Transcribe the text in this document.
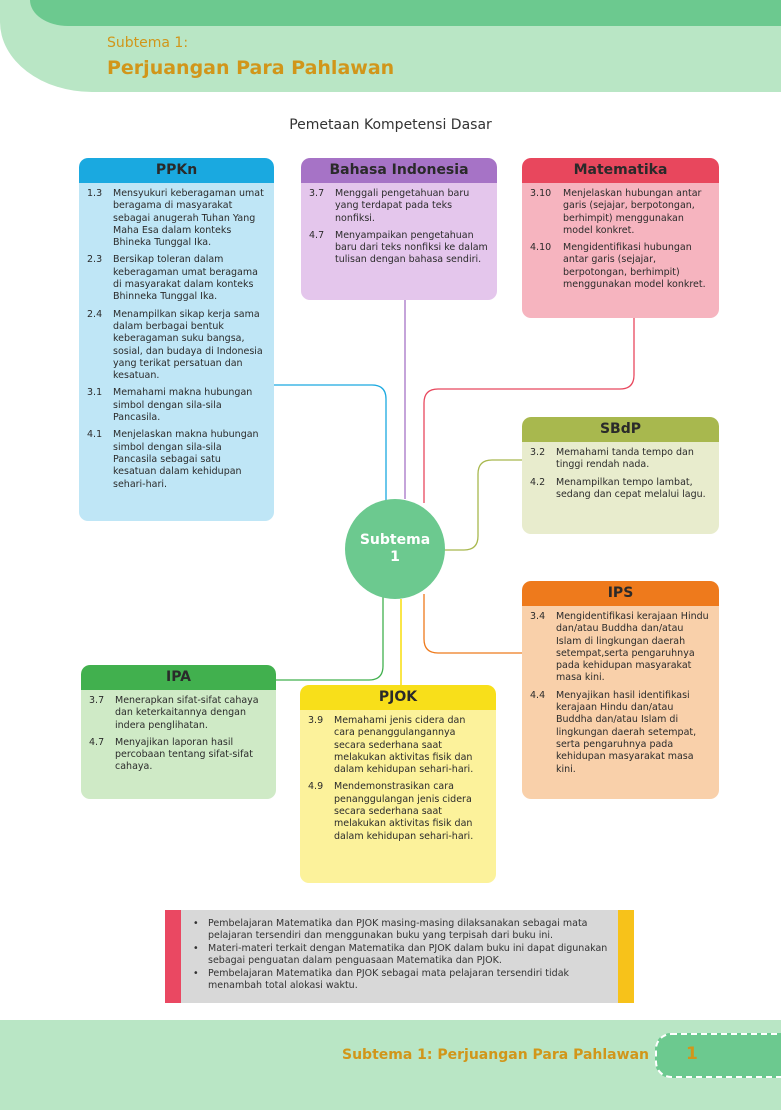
Subtema 1:
Perjuangan Para Pahlawan
Pemetaan Kompetensi Dasar
PPKn
1.3	Mensyukuri keberagaman umat beragama di masyarakat sebagai anugerah Tuhan Yang Maha Esa dalam konteks Bhineka Tunggal Ika.
2.3	Bersikap toleran dalam keberagaman umat beragama di masyarakat dalam konteks Bhinneka Tunggal Ika.
2.4	Menampilkan sikap kerja sama dalam berbagai bentuk keberagaman suku bangsa, sosial, dan budaya di Indonesia yang terikat persatuan dan kesatuan.
3.1	Memahami makna hubungan simbol dengan sila-sila Pancasila.
4.1	Menjelaskan makna hubungan simbol dengan sila-sila Pancasila sebagai satu kesatuan dalam kehidupan sehari-hari.
Bahasa Indonesia
3.7	Menggali pengetahuan baru yang terdapat pada teks nonfiksi.
4.7	Menyampaikan pengetahuan baru dari teks nonfiksi ke dalam tulisan dengan bahasa sendiri.
Matematika
3.10	Menjelaskan hubungan antar garis (sejajar, berpotongan, berhimpit) menggunakan model konkret.
4.10	Mengidentifikasi hubungan antar garis (sejajar, berpotongan, berhimpit) menggunakan model konkret.
SBdP
3.2	Memahami tanda tempo dan tinggi rendah nada.
4.2	Menampilkan tempo lambat, sedang dan cepat melalui lagu.
IPS
3.4	Mengidentifikasi kerajaan Hindu dan/atau Buddha dan/atau Islam di lingkungan daerah setempat,serta pengaruhnya pada kehidupan masyarakat masa kini.
4.4	Menyajikan hasil identifikasi kerajaan Hindu dan/atau Buddha dan/atau Islam di lingkungan daerah setempat, serta pengaruhnya pada kehidupan masyarakat masa kini.
IPA
3.7	Menerapkan sifat-sifat cahaya dan keterkaitannya dengan indera penglihatan.
4.7	Menyajikan laporan hasil percobaan tentang sifat-sifat cahaya.
PJOK
3.9	Memahami jenis cidera dan cara penanggulangannya secara sederhana saat melakukan aktivitas fisik dan dalam kehidupan sehari-hari.
4.9	Mendemonstrasikan cara penanggulangan jenis cidera secara sederhana saat melakukan aktivitas fisik dan dalam kehidupan sehari-hari.
Subtema
1
• Pembelajaran Matematika dan PJOK masing-masing dilaksanakan sebagai mata pelajaran tersendiri dan menggunakan buku yang terpisah dari buku ini.
• Materi-materi terkait dengan Matematika dan PJOK dalam buku ini dapat digunakan sebagai penguatan dalam penguasaan Matematika dan PJOK.
• Pembelajaran Matematika dan PJOK sebagai mata pelajaran tersendiri tidak menambah total alokasi waktu.
Subtema 1: Perjuangan Para Pahlawan 1
